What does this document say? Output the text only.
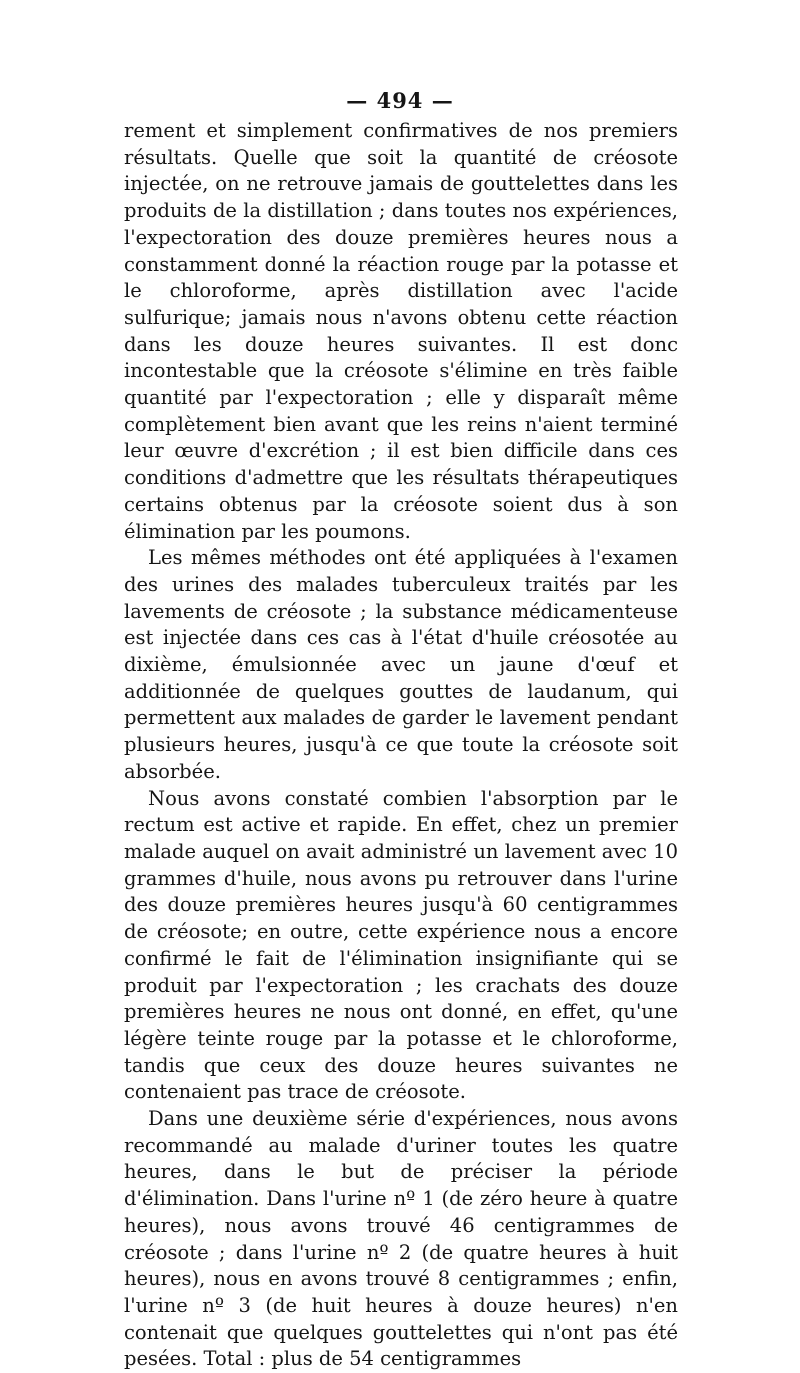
— 494 —

rement et simplement confirmatives de nos premiers résultats. Quelle que soit la quantité de créosote injectée, on ne retrouve jamais de gouttelettes dans les produits de la distillation ; dans toutes nos expériences, l'expectoration des douze premières heures nous a constamment donné la réaction rouge par la potasse et le chloroforme, après distillation avec l'acide sulfurique; jamais nous n'avons obtenu cette réaction dans les douze heures suivantes. Il est donc incontestable que la créosote s'élimine en très faible quantité par l'expectoration ; elle y disparaît même complètement bien avant que les reins n'aient terminé leur œuvre d'excrétion ; il est bien difficile dans ces conditions d'admettre que les résultats thérapeutiques certains obtenus par la créosote soient dus à son élimination par les poumons.

Les mêmes méthodes ont été appliquées à l'examen des urines des malades tuberculeux traités par les lavements de créosote ; la substance médicamenteuse est injectée dans ces cas à l'état d'huile créosotée au dixième, émulsionnée avec un jaune d'œuf et additionnée de quelques gouttes de laudanum, qui permettent aux malades de garder le lavement pendant plusieurs heures, jusqu'à ce que toute la créosote soit absorbée.

Nous avons constaté combien l'absorption par le rectum est active et rapide. En effet, chez un premier malade auquel on avait administré un lavement avec 10 grammes d'huile, nous avons pu retrouver dans l'urine des douze premières heures jusqu'à 60 centigrammes de créosote; en outre, cette expérience nous a encore confirmé le fait de l'élimination insignifiante qui se produit par l'expectoration ; les crachats des douze premières heures ne nous ont donné, en effet, qu'une légère teinte rouge par la potasse et le chloroforme, tandis que ceux des douze heures suivantes ne contenaient pas trace de créosote.

Dans une deuxième série d'expériences, nous avons recommandé au malade d'uriner toutes les quatre heures, dans le but de préciser la période d'élimination. Dans l'urine nº 1 (de zéro heure à quatre heures), nous avons trouvé 46 centigrammes de créosote ; dans l'urine nº 2 (de quatre heures à huit heures), nous en avons trouvé 8 centigrammes ; enfin, l'urine nº 3 (de huit heures à douze heures) n'en contenait que quelques gouttelettes qui n'ont pas été pesées. Total : plus de 54 centigrammes
